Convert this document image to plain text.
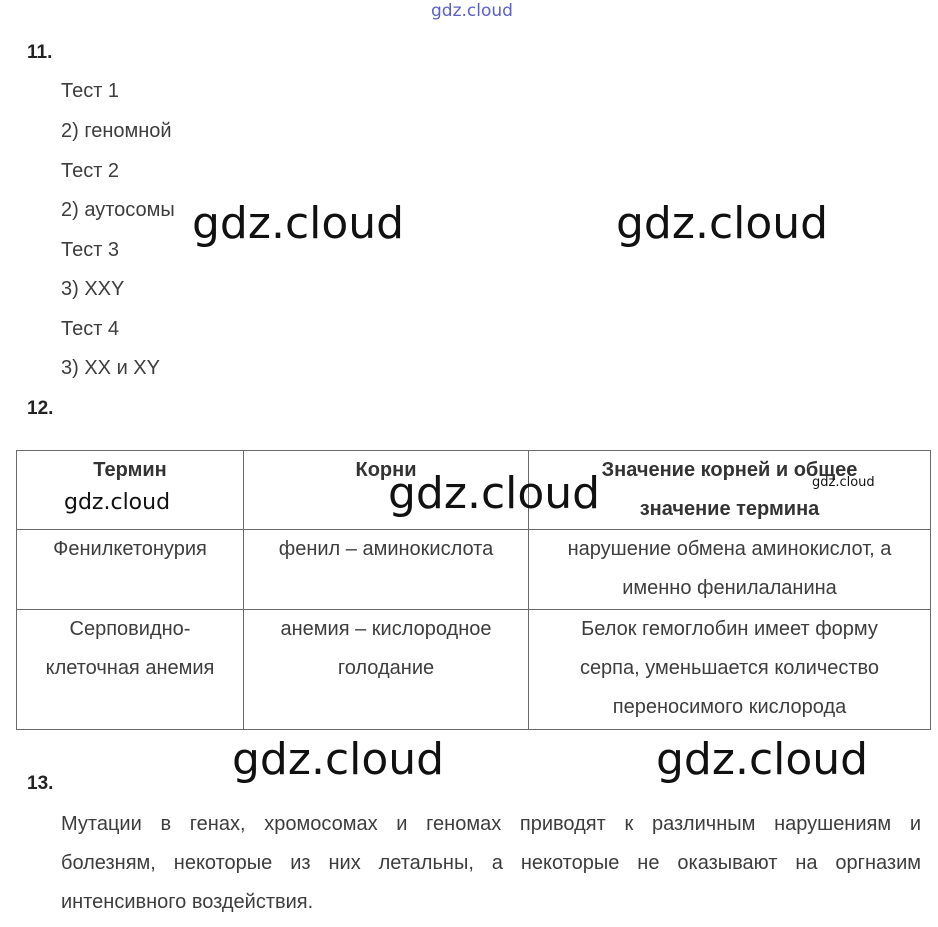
gdz.cloud
11.
Тест 1
2) геномной
Тест 2
2) аутосомы
Тест 3
3) XXY
Тест 4
3) XX и XY
gdz.cloud	gdz.cloud
12.
Термин	Корни	Значение корней и общее значение термина
Фенилкетонурия	фенил – аминокислота	нарушение обмена аминокислот, а именно фенилаланина
Серповидно-клеточная анемия	анемия – кислородное голодание	Белок гемоглобин имеет форму серпа, уменьшается количество переносимого кислорода
gdz.cloud	gdz.cloud	gdz.cloud
gdz.cloud	gdz.cloud
13.
Мутации в генах, хромосомах и геномах приводят к различным нарушениям и
болезням, некоторые из них летальны, а некоторые не оказывают на оргназим
интенсивного воздействия.
